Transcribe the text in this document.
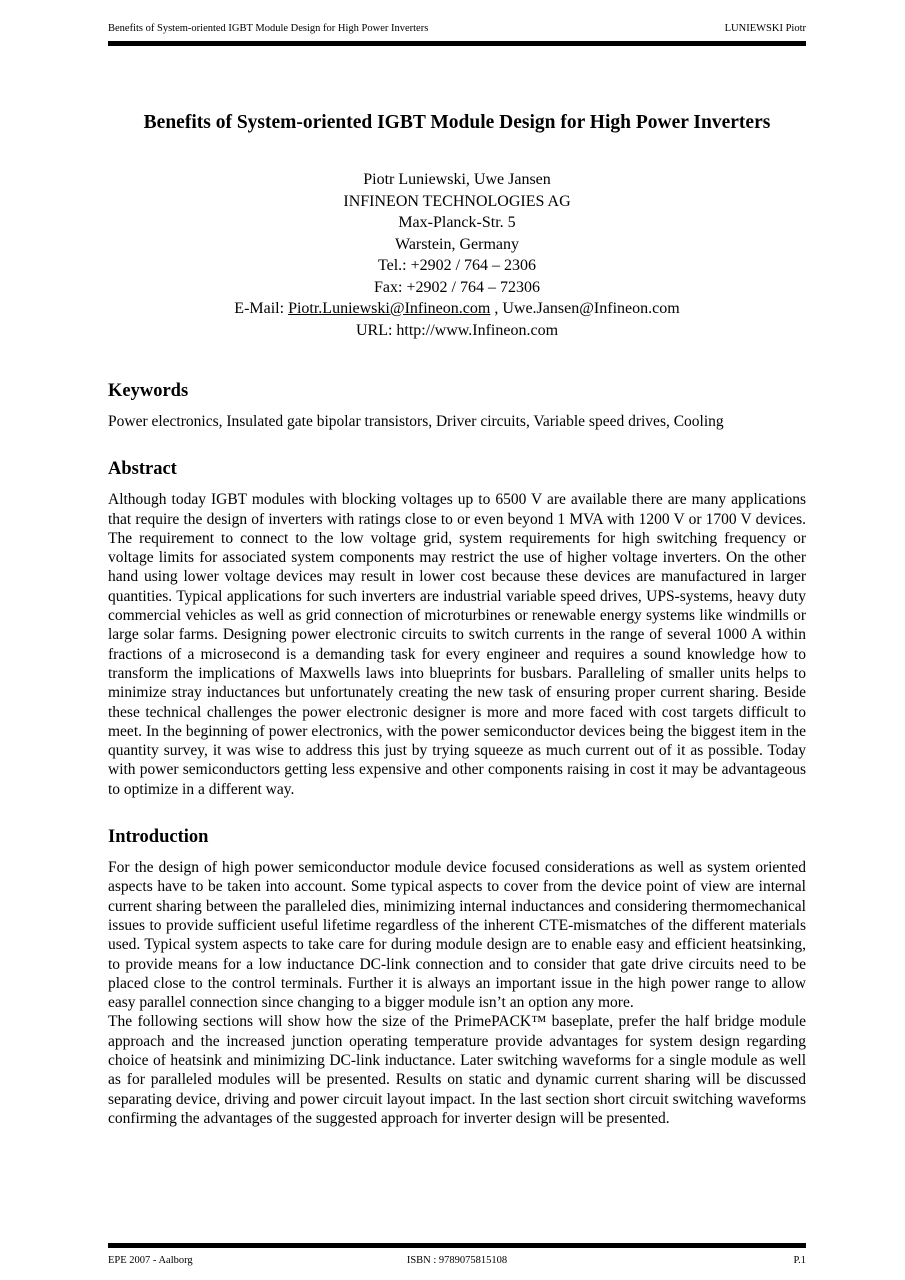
Benefits of System-oriented IGBT Module Design for High Power Inverters	LUNIEWSKI Piotr
Benefits of System-oriented IGBT Module Design for High Power Inverters
Piotr Luniewski, Uwe Jansen
INFINEON TECHNOLOGIES AG
Max-Planck-Str. 5
Warstein, Germany
Tel.: +2902 / 764 – 2306
Fax: +2902 / 764 – 72306
E-Mail: Piotr.Luniewski@Infineon.com , Uwe.Jansen@Infineon.com
URL: http://www.Infineon.com
Keywords

Power electronics, Insulated gate bipolar transistors, Driver circuits, Variable speed drives, Cooling

Abstract

Although today IGBT modules with blocking voltages up to 6500 V are available there are many applications that require the design of inverters with ratings close to or even beyond 1 MVA with 1200 V or 1700 V devices. The requirement to connect to the low voltage grid, system requirements for high switching frequency or voltage limits for associated system components may restrict the use of higher voltage inverters. On the other hand using lower voltage devices may result in lower cost because these devices are manufactured in larger quantities. Typical applications for such inverters are industrial variable speed drives, UPS-systems, heavy duty commercial vehicles as well as grid connection of microturbines or renewable energy systems like windmills or large solar farms. Designing power electronic circuits to switch currents in the range of several 1000 A within fractions of a microsecond is a demanding task for every engineer and requires a sound knowledge how to transform the implications of Maxwells laws into blueprints for busbars. Paralleling of smaller units helps to minimize stray inductances but unfortunately creating the new task of ensuring proper current sharing. Beside these technical challenges the power electronic designer is more and more faced with cost targets difficult to meet. In the beginning of power electronics, with the power semiconductor devices being the biggest item in the quantity survey, it was wise to address this just by trying squeeze as much current out of it as possible. Today with power semiconductors getting less expensive and other components raising in cost it may be advantageous to optimize in a different way.

Introduction

For the design of high power semiconductor module device focused considerations as well as system oriented aspects have to be taken into account. Some typical aspects to cover from the device point of view are internal current sharing between the paralleled dies, minimizing internal inductances and considering thermomechanical issues to provide sufficient useful lifetime regardless of the inherent CTE-mismatches of the different materials used. Typical system aspects to take care for during module design are to enable easy and efficient heatsinking, to provide means for a low inductance DC-link connection and to consider that gate drive circuits need to be placed close to the control terminals. Further it is always an important issue in the high power range to allow easy parallel connection since changing to a bigger module isn’t an option any more.

The following sections will show how the size of the PrimePACK™ baseplate, prefer the half bridge module approach and the increased junction operating temperature provide advantages for system design regarding choice of heatsink and minimizing DC-link inductance. Later switching waveforms for a single module as well as for paralleled modules will be presented. Results on static and dynamic current sharing will be discussed separating device, driving and power circuit layout impact. In the last section short circuit switching waveforms confirming the advantages of the suggested approach for inverter design will be presented.

EPE 2007 - Aalborg	ISBN : 9789075815108	P.1
